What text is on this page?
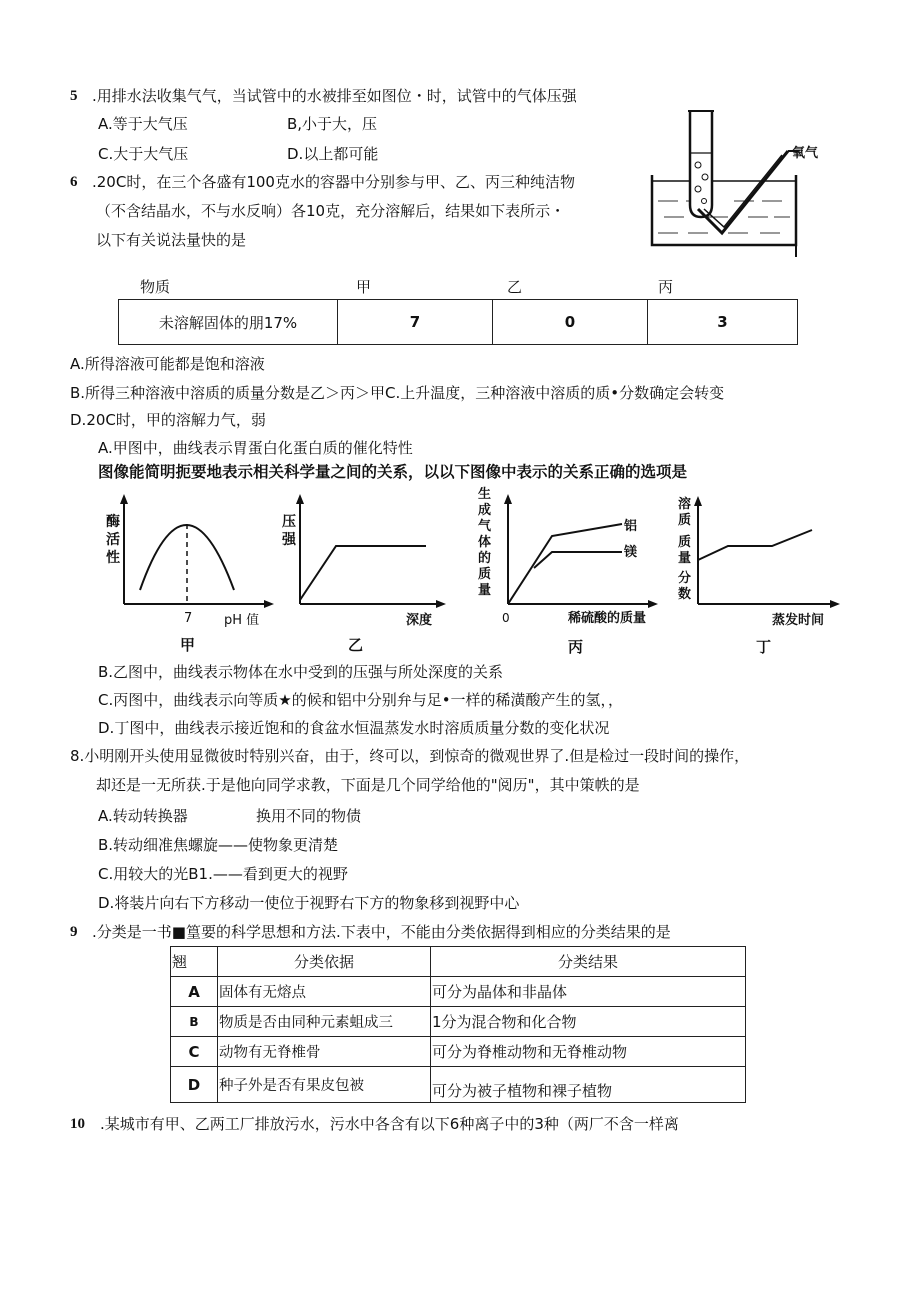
5 .用排水法收集气气，当试管中的水被排至如图位・时，试管中的气体压强
A.等于大气压	B,小于大，压
C.大于大气压	D.以上都可能	氧气
6 .20C时，在三个各盛有100克水的容器中分别参与甲、乙、丙三种纯洁物
（不含结晶水，不与水反响）各10克，充分溶解后，结果如下表所示・
以下有关说法量快的是
物质	甲	乙	丙
未溶解固体的朋17%	7	0	3
A.所得溶液可能都是饱和溶液
B.所得三种溶液中溶质的质量分数是乙＞丙＞甲C.上升温度，三种溶液中溶质的质•分数确定会转变
D.20C时，甲的溶解力气，弱
A.甲图中，曲线表示胃蛋白化蛋白质的催化特性
图像能简明扼要地表示相关科学量之间的关系，以以下图像中表示的关系正确的选项是
酶
活
性
7 pH 值
甲
压
强
深度
乙
生
成
气
体
的
质
量
铝
镁
0	稀硫酸的质量
丙
溶
质
质
量
分
数
蒸发时间
丁
B.乙图中，曲线表示物体在水中受到的压强与所处深度的关系
C.丙图中，曲线表示向等质★的候和铝中分别弁与足•一样的稀潢酸产生的氢，，
D.丁图中，曲线表示接近饱和的食盆水恒温蒸发水时溶质质量分数的变化状况
8.小明刚开头使用显微彼时特别兴奋，由于，终可以，到惊奇的微观世界了.但是检过一段时间的操作，
却还是一无所获.于是他向同学求教，下面是几个同学给他的"阅历"，其中策帙的是
A.转动转换器	换用不同的物债
B.转动细准焦螺旋——使物象更清楚
C.用较大的光B1.——看到更大的视野
D.将装片向右下方移动一使位于视野右下方的物象移到视野中心
9 .分类是一书■篁要的科学思想和方法.下表中，不能由分类依据得到相应的分类结果的是
翘	分类依据	分类结果
A	固体有无熔点	可分为晶体和非晶体
B	物质是否由同种元素蛆成三	1分为混合物和化合物
C	动物有无脊椎骨	可分为脊椎动物和无脊椎动物
D	种子外是否有果皮包被	可分为被子植物和裸子植物
10 .某城市有甲、乙两工厂排放污水，污水中各含有以下6种离子中的3种（两厂不含一样离
